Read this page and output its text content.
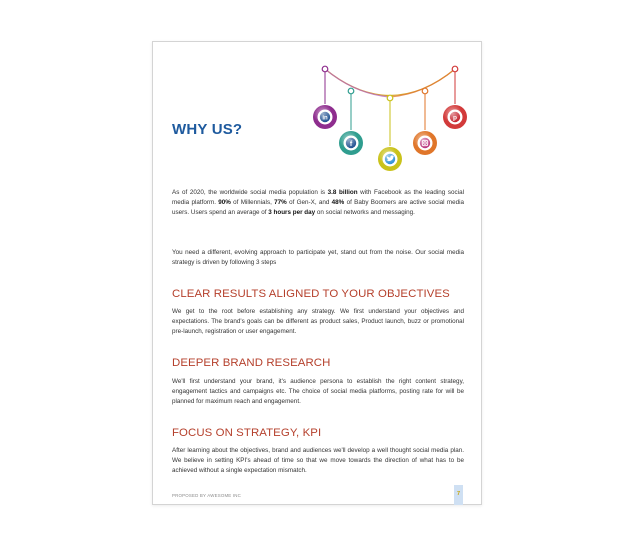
WHY US?
in
f
p

As of 2020, the worldwide social media population is 3.8 billion with Facebook as the leading social media platform. 90% of Millennials, 77% of Gen-X, and 48% of Baby Boomers are active social media users. Users spend an average of 3 hours per day on social networks and messaging.

You need a different, evolving approach to participate yet, stand out from the noise. Our social media strategy is driven by following 3 steps

CLEAR RESULTS ALIGNED TO YOUR OBJECTIVES

We get to the root before establishing any strategy. We first understand your objectives and expectations. The brand's goals can be different as product sales, Product launch, buzz or promotional pre-launch, registration or user engagement.

DEEPER BRAND RESEARCH

We'll first understand your brand, it's audience persona to establish the right content strategy, engagement tactics and campaigns etc. The choice of social media platforms, posting rate for will be planned for maximum reach and engagement.

FOCUS ON STRATEGY, KPI

After learning about the objectives, brand and audiences we'll develop a well thought social media plan. We believe in setting KPI's ahead of time so that we move towards the direction of what has to be achieved without a single expectation mismatch.

PROPOSED BY AWESOME INC	7
